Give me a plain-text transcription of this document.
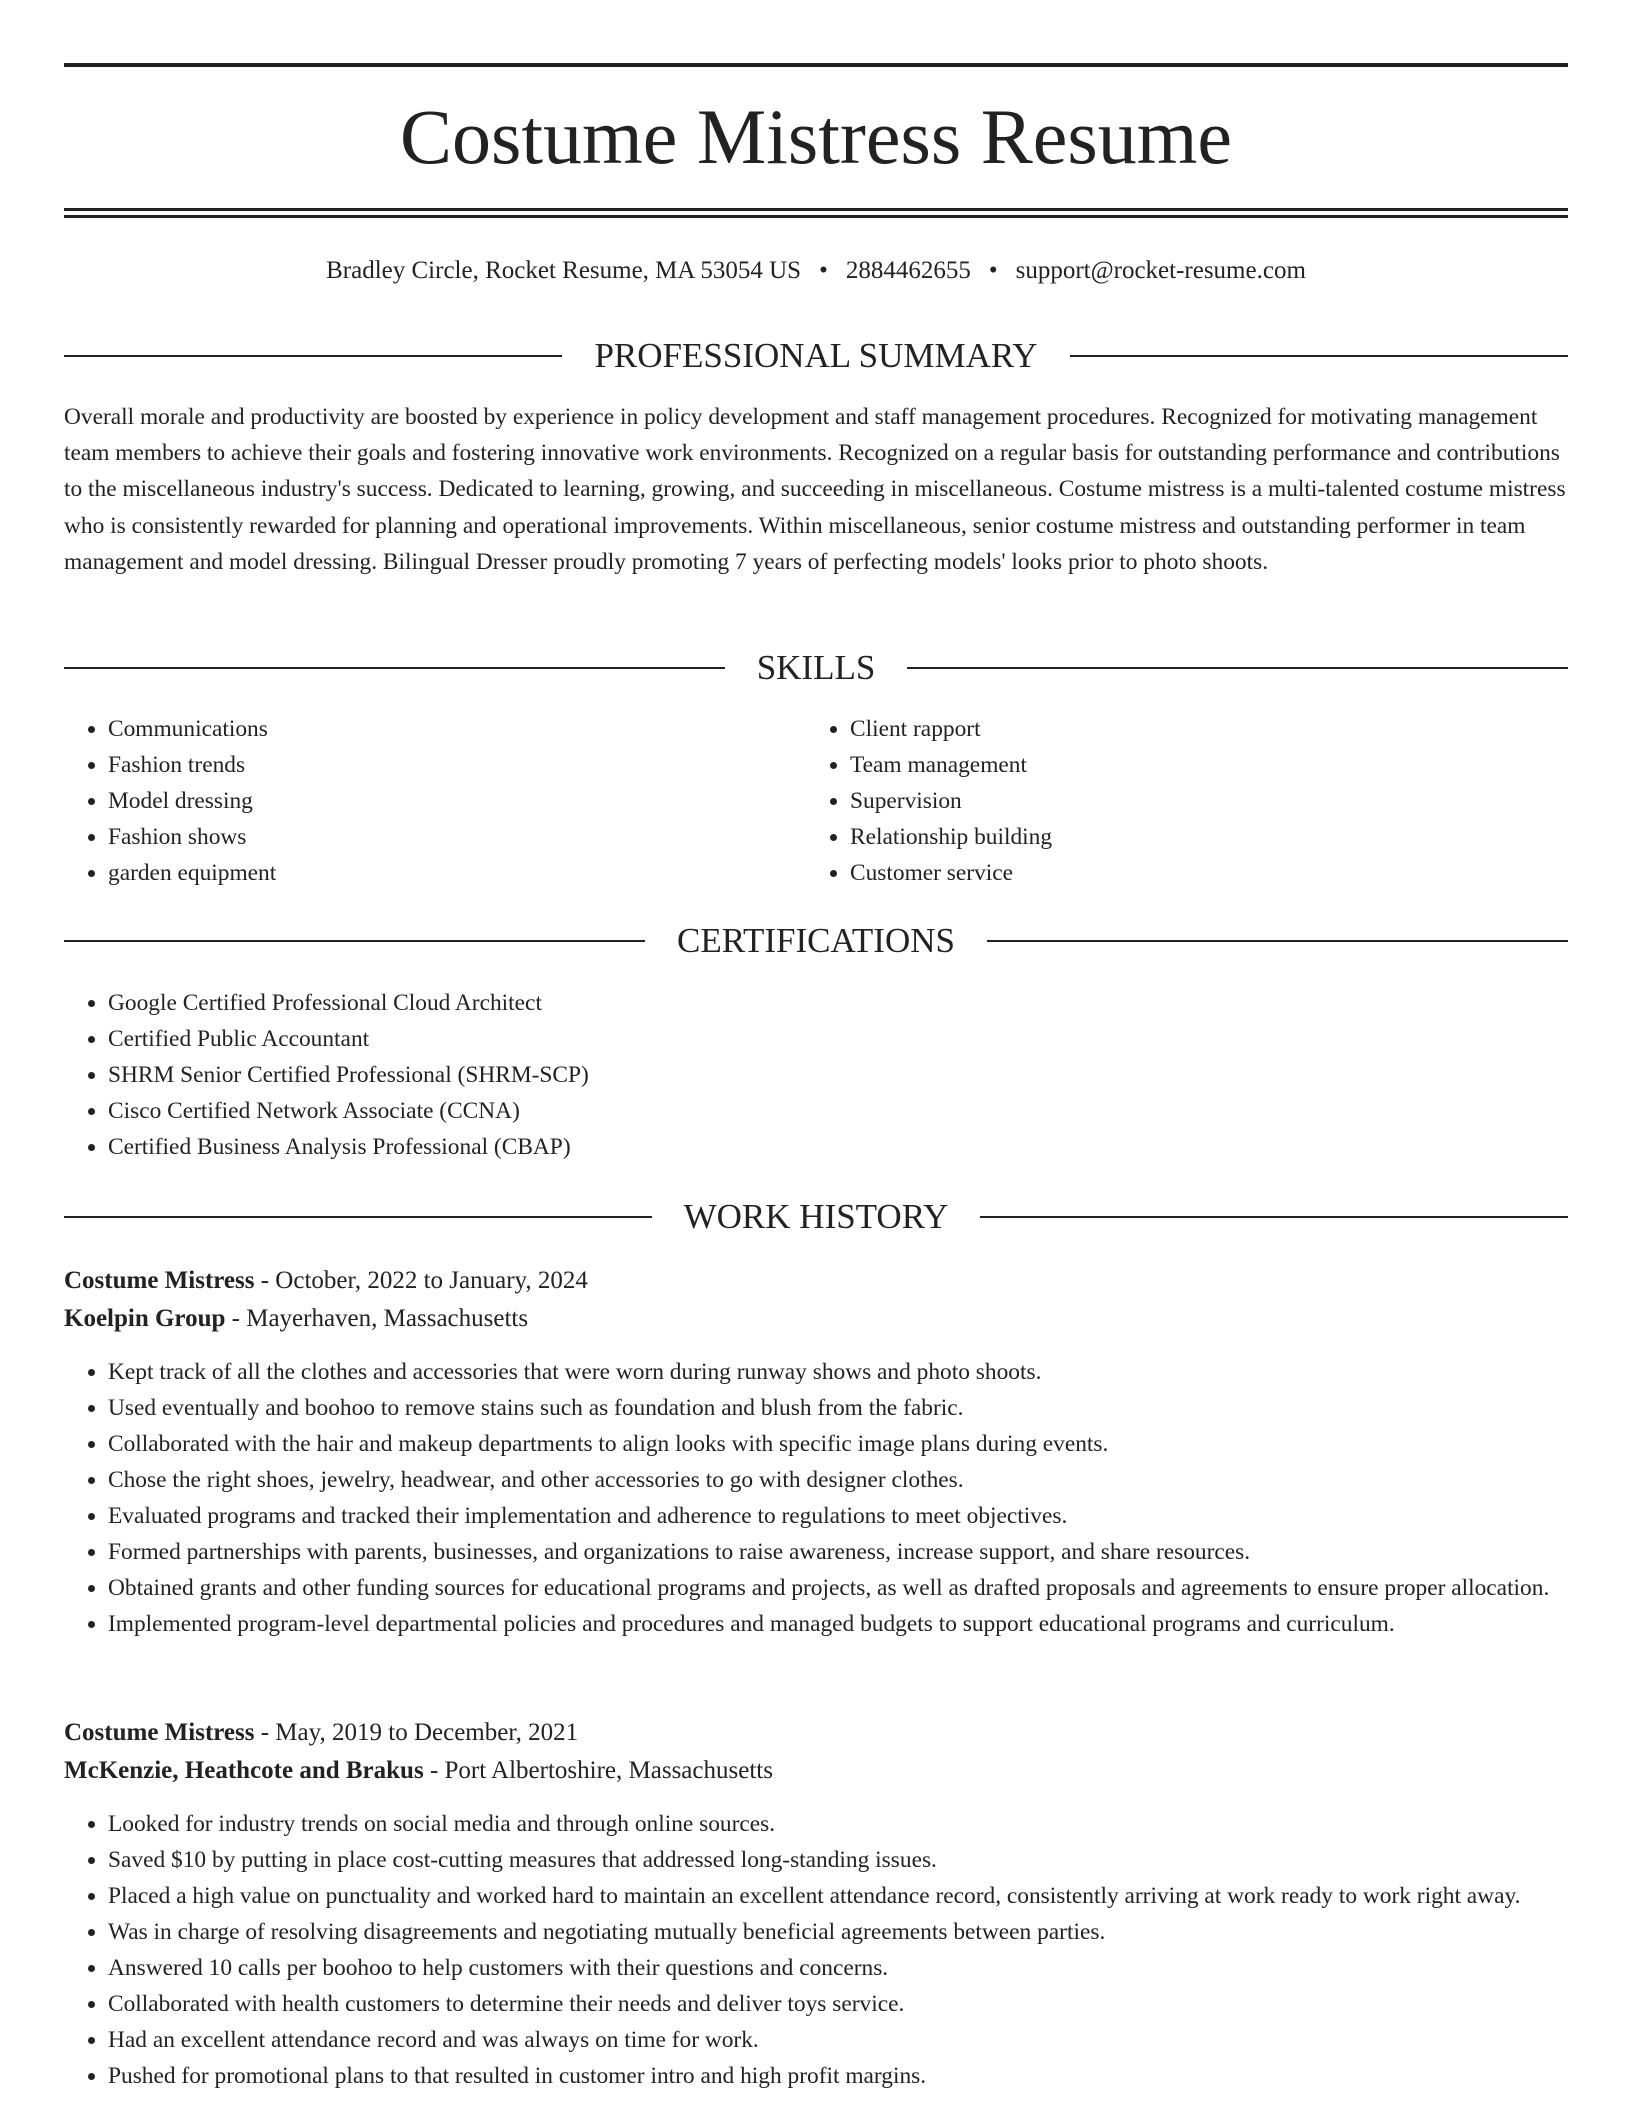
Costume Mistress Resume
Bradley Circle, Rocket Resume, MA 53054 US • 2884462655 • support@rocket-resume.com
PROFESSIONAL SUMMARY

Overall morale and productivity are boosted by experience in policy development and staff management procedures. Recognized for motivating management team members to achieve their goals and fostering innovative work environments. Recognized on a regular basis for outstanding performance and contributions to the miscellaneous industry's success. Dedicated to learning, growing, and succeeding in miscellaneous. Costume mistress is a multi-talented costume mistress who is consistently rewarded for planning and operational improvements. Within miscellaneous, senior costume mistress and outstanding performer in team management and model dressing. Bilingual Dresser proudly promoting 7 years of perfecting models' looks prior to photo shoots.

SKILLS
• Communications
• Fashion trends
• Model dressing
• Fashion shows
• garden equipment
• Client rapport
• Team management
• Supervision
• Relationship building
• Customer service
CERTIFICATIONS
• Google Certified Professional Cloud Architect
• Certified Public Accountant
• SHRM Senior Certified Professional (SHRM-SCP)
• Cisco Certified Network Associate (CCNA)
• Certified Business Analysis Professional (CBAP)
WORK HISTORY
Costume Mistress - October, 2022 to January, 2024
Koelpin Group - Mayerhaven, Massachusetts
• Kept track of all the clothes and accessories that were worn during runway shows and photo shoots.
• Used eventually and boohoo to remove stains such as foundation and blush from the fabric.
• Collaborated with the hair and makeup departments to align looks with specific image plans during events.
• Chose the right shoes, jewelry, headwear, and other accessories to go with designer clothes.
• Evaluated programs and tracked their implementation and adherence to regulations to meet objectives.
• Formed partnerships with parents, businesses, and organizations to raise awareness, increase support, and share resources.
• Obtained grants and other funding sources for educational programs and projects, as well as drafted proposals and agreements to ensure proper allocation.
• Implemented program-level departmental policies and procedures and managed budgets to support educational programs and curriculum.
Costume Mistress - May, 2019 to December, 2021
McKenzie, Heathcote and Brakus - Port Albertoshire, Massachusetts
• Looked for industry trends on social media and through online sources.
• Saved $10 by putting in place cost-cutting measures that addressed long-standing issues.
• Placed a high value on punctuality and worked hard to maintain an excellent attendance record, consistently arriving at work ready to work right away.
• Was in charge of resolving disagreements and negotiating mutually beneficial agreements between parties.
• Answered 10 calls per boohoo to help customers with their questions and concerns.
• Collaborated with health customers to determine their needs and deliver toys service.
• Had an excellent attendance record and was always on time for work.
• Pushed for promotional plans to that resulted in customer intro and high profit margins.
